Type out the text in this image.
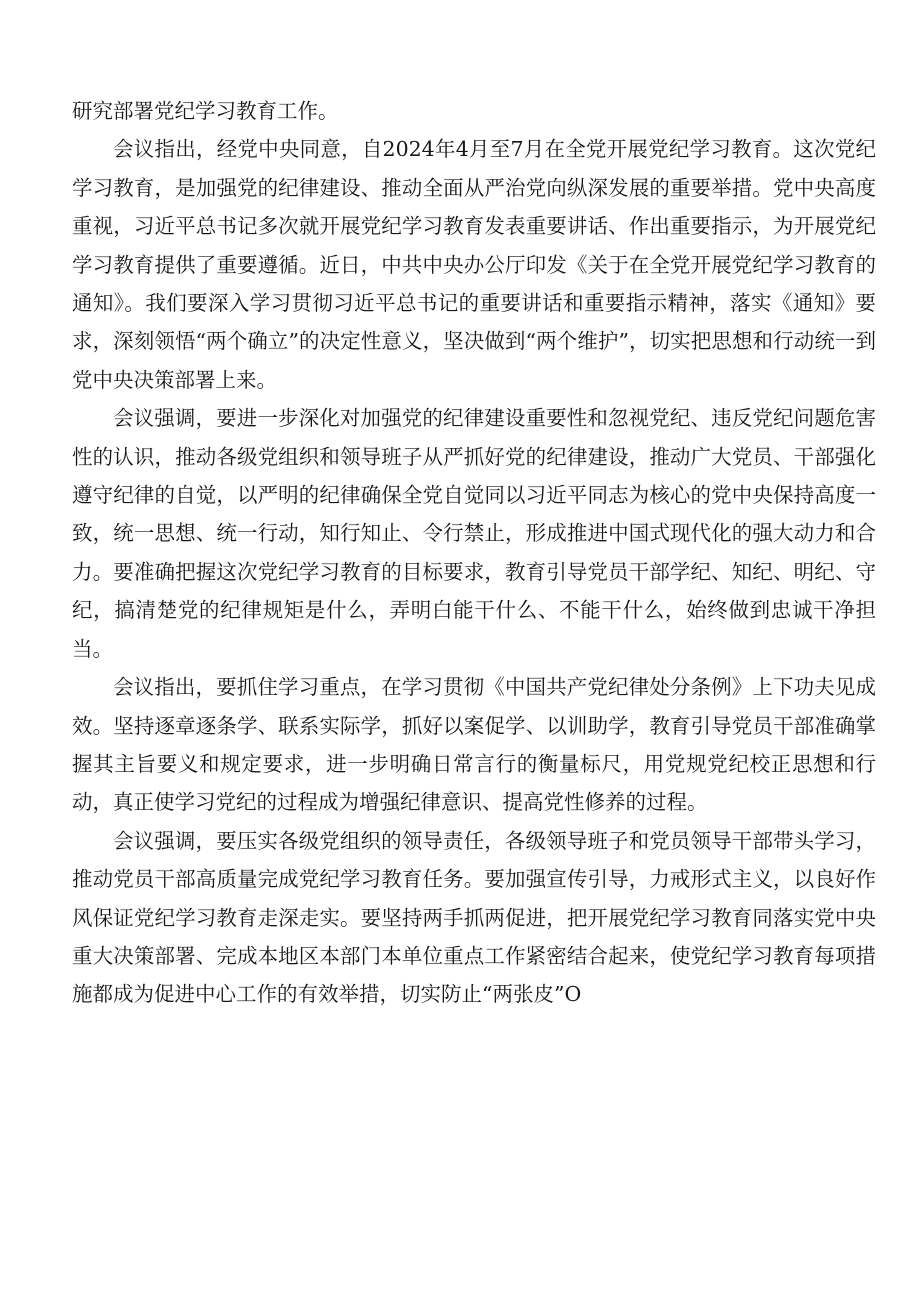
研究部署党纪学习教育工作。

会议指出，经党中央同意，自2024年4月至7月在全党开展党纪学习教育。这次党纪学习教育，是加强党的纪律建设、推动全面从严治党向纵深发展的重要举措。党中央高度重视，习近平总书记多次就开展党纪学习教育发表重要讲话、作出重要指示，为开展党纪学习教育提供了重要遵循。近日，中共中央办公厅印发《关于在全党开展党纪学习教育的通知》。我们要深入学习贯彻习近平总书记的重要讲话和重要指示精神，落实《通知》要求，深刻领悟“两个确立”的决定性意义，坚决做到“两个维护”，切实把思想和行动统一到党中央决策部署上来。

会议强调，要进一步深化对加强党的纪律建设重要性和忽视党纪、违反党纪问题危害性的认识，推动各级党组织和领导班子从严抓好党的纪律建设，推动广大党员、干部强化遵守纪律的自觉，以严明的纪律确保全党自觉同以习近平同志为核心的党中央保持高度一致，统一思想、统一行动，知行知止、令行禁止，形成推进中国式现代化的强大动力和合力。要准确把握这次党纪学习教育的目标要求，教育引导党员干部学纪、知纪、明纪、守纪，搞清楚党的纪律规矩是什么，弄明白能干什么、不能干什么，始终做到忠诚干净担当。

会议指出，要抓住学习重点，在学习贯彻《中国共产党纪律处分条例》上下功夫见成效。坚持逐章逐条学、联系实际学，抓好以案促学、以训助学，教育引导党员干部准确掌握其主旨要义和规定要求，进一步明确日常言行的衡量标尺，用党规党纪校正思想和行动，真正使学习党纪的过程成为增强纪律意识、提高党性修养的过程。

会议强调，要压实各级党组织的领导责任，各级领导班子和党员领导干部带头学习，推动党员干部高质量完成党纪学习教育任务。要加强宣传引导，力戒形式主义，以良好作风保证党纪学习教育走深走实。要坚持两手抓两促进，把开展党纪学习教育同落实党中央重大决策部署、完成本地区本部门本单位重点工作紧密结合起来，使党纪学习教育每项措施都成为促进中心工作的有效举措，切实防止“两张皮”O
